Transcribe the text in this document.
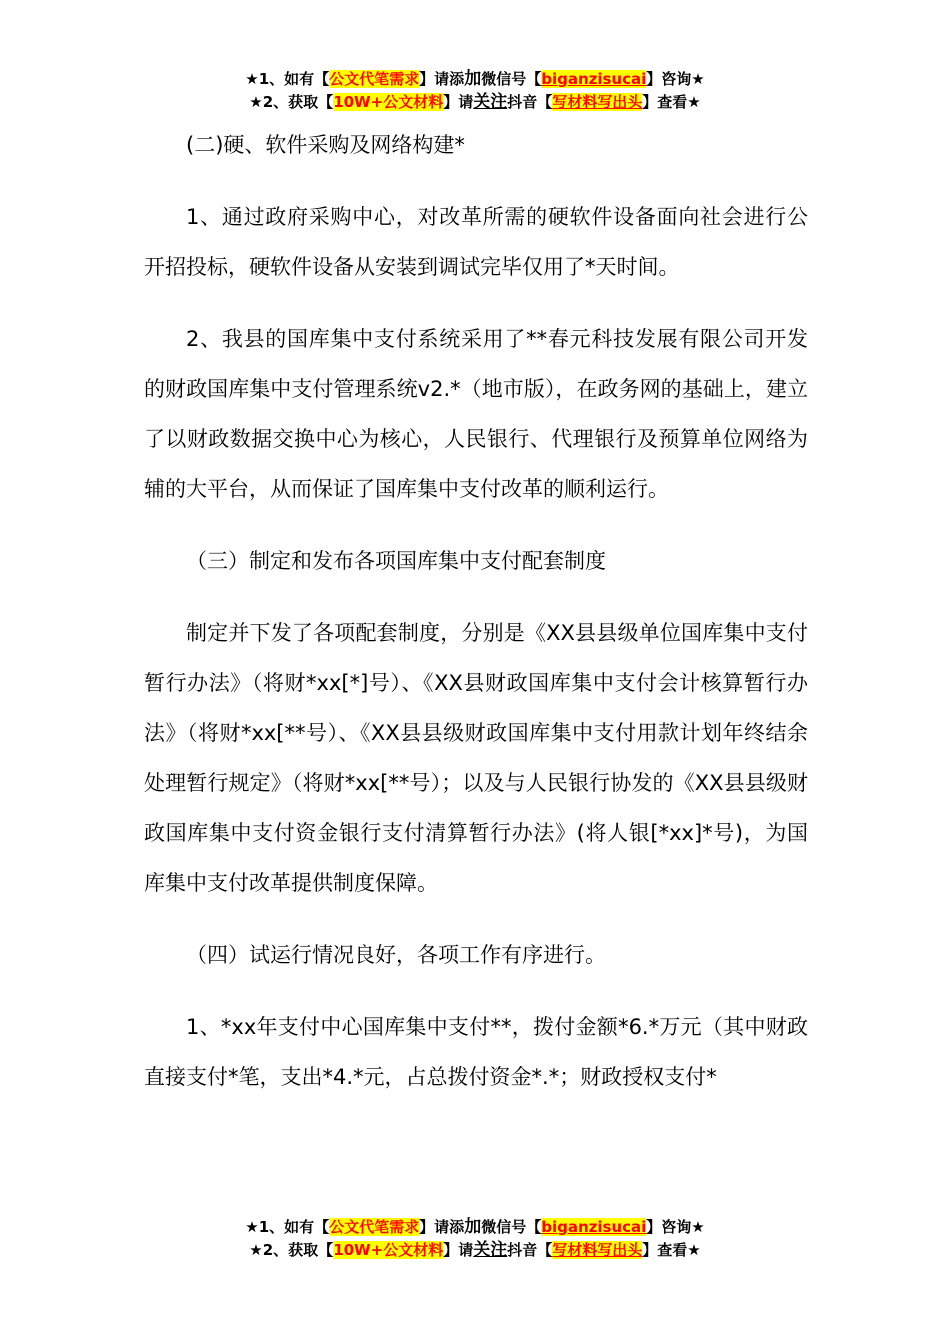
★1、如有【公文代笔需求】请添加微信号【biganzisucai】咨询★
★2、获取【10W+公文材料】请关注抖音【写材料写出头】查看★

(二)硬、软件采购及网络构建*

1、通过政府采购中心，对改革所需的硬软件设备面向社会进行公开招投标，硬软件设备从安装到调试完毕仅用了*天时间。

2、我县的国库集中支付系统采用了**春元科技发展有限公司开发的财政国库集中支付管理系统v2.*（地市版），在政务网的基础上，建立了以财政数据交换中心为核心，人民银行、代理银行及预算单位网络为辅的大平台，从而保证了国库集中支付改革的顺利运行。

（三）制定和发布各项国库集中支付配套制度

制定并下发了各项配套制度，分别是《XX县县级单位国库集中支付暂行办法》（将财*xx[*]号）、《XX县财政国库集中支付会计核算暂行办法》（将财*xx[**号）、《XX县县级财政国库集中支付用款计划年终结余处理暂行规定》（将财*xx[**号）；以及与人民银行协发的《XX县县级财政国库集中支付资金银行支付清算暂行办法》(将人银[*xx]*号)，为国库集中支付改革提供制度保障。

（四）试运行情况良好，各项工作有序进行。

1、*xx年支付中心国库集中支付**，拨付金额*6.*万元（其中财政直接支付*笔，支出*4.*元，占总拨付资金*.*；财政授权支付*

★1、如有【公文代笔需求】请添加微信号【biganzisucai】咨询★
★2、获取【10W+公文材料】请关注抖音【写材料写出头】查看★
